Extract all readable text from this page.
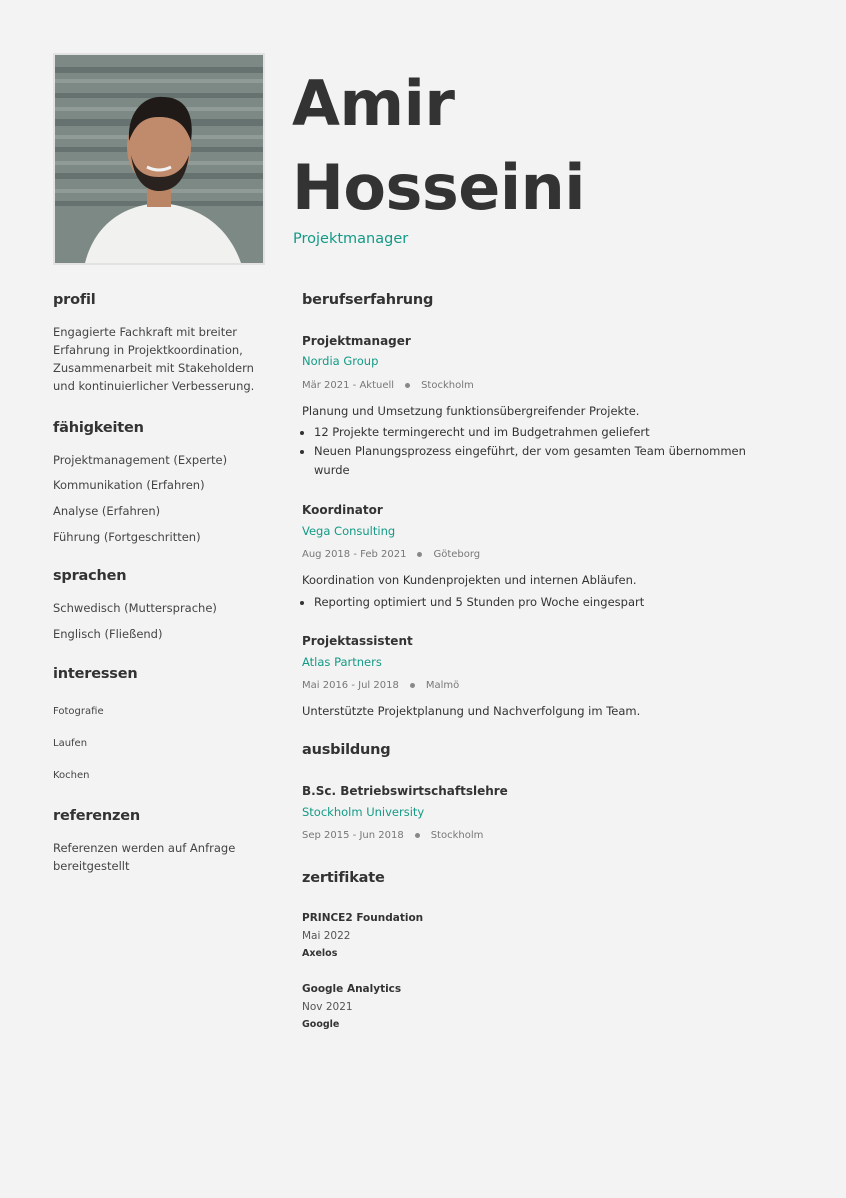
Amir
Hosseini
Projektmanager
profil
Engagierte Fachkraft mit breiter
Erfahrung in Projektkoordination,
Zusammenarbeit mit Stakeholdern
und kontinuierlicher Verbesserung.
fähigkeiten
Projektmanagement (Experte)
Kommunikation (Erfahren)
Analyse (Erfahren)
Führung (Fortgeschritten)
sprachen
Schwedisch (Muttersprache)
Englisch (Fließend)
interessen
Fotografie
Laufen
Kochen
referenzen
Referenzen werden auf Anfrage
bereitgestellt
berufserfahrung
Projektmanager
Nordia Group
Mär 2021 - Aktuell	Stockholm
Planung und Umsetzung funktionsübergreifender Projekte.
• 12 Projekte termingerecht und im Budgetrahmen geliefert
• Neuen Planungsprozess eingeführt, der vom gesamten Team übernommen wurde
Koordinator
Vega Consulting
Aug 2018 - Feb 2021	Göteborg
Koordination von Kundenprojekten und internen Abläufen.
• Reporting optimiert und 5 Stunden pro Woche eingespart
Projektassistent
Atlas Partners
Mai 2016 - Jul 2018	Malmö
Unterstützte Projektplanung und Nachverfolgung im Team.
ausbildung
B.Sc. Betriebswirtschaftslehre
Stockholm University
Sep 2015 - Jun 2018	Stockholm
zertifikate
PRINCE2 Foundation
Mai 2022
Axelos
Google Analytics
Nov 2021
Google
